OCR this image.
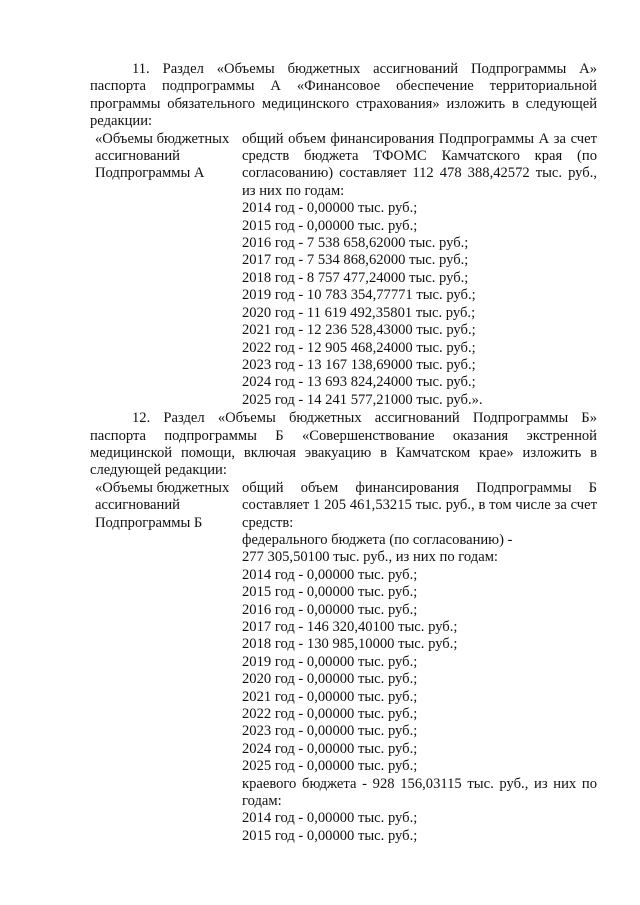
11. Раздел «Объемы бюджетных ассигнований Подпрограммы А» паспорта подпрограммы А «Финансовое обеспечение территориальной программы обязательного медицинского страхования» изложить в следующей редакции:

«Объемы бюджетных
ассигнований
Подпрограммы А
общий объем финансирования Подпрограммы А за счет средств бюджета ТФОМС Камчатского края (по согласованию) составляет 112 478 388,42572 тыс. руб., из них по годам:
2014 год - 0,00000 тыс. руб.;
2015 год - 0,00000 тыс. руб.;
2016 год - 7 538 658,62000 тыс. руб.;
2017 год - 7 534 868,62000 тыс. руб.;
2018 год - 8 757 477,24000 тыс. руб.;
2019 год - 10 783 354,77771 тыс. руб.;
2020 год - 11 619 492,35801 тыс. руб.;
2021 год - 12 236 528,43000 тыс. руб.;
2022 год - 12 905 468,24000 тыс. руб.;
2023 год - 13 167 138,69000 тыс. руб.;
2024 год - 13 693 824,24000 тыс. руб.;
2025 год - 14 241 577,21000 тыс. руб.».

12. Раздел «Объемы бюджетных ассигнований Подпрограммы Б» паспорта подпрограммы Б «Совершенствование оказания экстренной медицинской помощи, включая эвакуацию в Камчатском крае» изложить в следующей редакции:

«Объемы бюджетных
ассигнований
Подпрограммы Б
общий объем финансирования Подпрограммы Б составляет 1 205 461,53215 тыс. руб., в том числе за счет средств:
федерального бюджета (по согласованию) -
277 305,50100 тыс. руб., из них по годам:
2014 год - 0,00000 тыс. руб.;
2015 год - 0,00000 тыс. руб.;
2016 год - 0,00000 тыс. руб.;
2017 год - 146 320,40100 тыс. руб.;
2018 год - 130 985,10000 тыс. руб.;
2019 год - 0,00000 тыс. руб.;
2020 год - 0,00000 тыс. руб.;
2021 год - 0,00000 тыс. руб.;
2022 год - 0,00000 тыс. руб.;
2023 год - 0,00000 тыс. руб.;
2024 год - 0,00000 тыс. руб.;
2025 год - 0,00000 тыс. руб.;
краевого бюджета - 928 156,03115 тыс. руб., из них по годам:
2014 год - 0,00000 тыс. руб.;
2015 год - 0,00000 тыс. руб.;
